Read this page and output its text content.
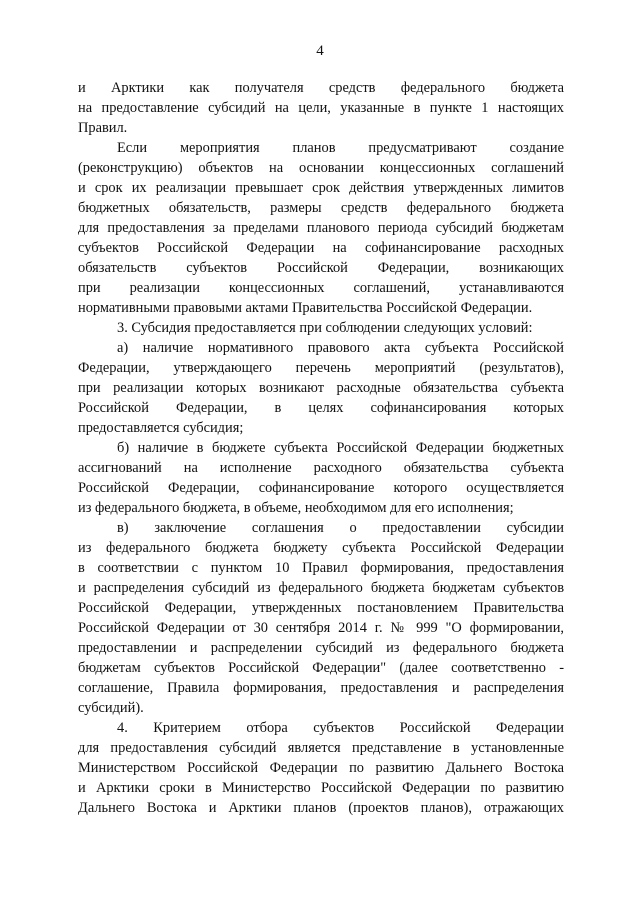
4
и Арктики как получателя средств федерального бюджета
на предоставление субсидий на цели, указанные в пункте 1 настоящих
Правил.
Если мероприятия планов предусматривают создание
(реконструкцию) объектов на основании концессионных соглашений
и срок их реализации превышает срок действия утвержденных лимитов
бюджетных обязательств, размеры средств федерального бюджета
для предоставления за пределами планового периода субсидий бюджетам
субъектов Российской Федерации на софинансирование расходных
обязательств субъектов Российской Федерации, возникающих
при реализации концессионных соглашений, устанавливаются
нормативными правовыми актами Правительства Российской Федерации.
3. Субсидия предоставляется при соблюдении следующих условий:
а) наличие нормативного правового акта субъекта Российской
Федерации, утверждающего перечень мероприятий (результатов),
при реализации которых возникают расходные обязательства субъекта
Российской Федерации, в целях софинансирования которых
предоставляется субсидия;
б) наличие в бюджете субъекта Российской Федерации бюджетных
ассигнований на исполнение расходного обязательства субъекта
Российской Федерации, софинансирование которого осуществляется
из федерального бюджета, в объеме, необходимом для его исполнения;
в) заключение соглашения о предоставлении субсидии
из федерального бюджета бюджету субъекта Российской Федерации
в соответствии с пунктом 10 Правил формирования, предоставления
и распределения субсидий из федерального бюджета бюджетам субъектов
Российской Федерации, утвержденных постановлением Правительства
Российской Федерации от 30 сентября 2014 г. № 999 "О формировании,
предоставлении и распределении субсидий из федерального бюджета
бюджетам субъектов Российской Федерации" (далее соответственно -
соглашение, Правила формирования, предоставления и распределения
субсидий).
4. Критерием отбора субъектов Российской Федерации
для предоставления субсидий является представление в установленные
Министерством Российской Федерации по развитию Дальнего Востока
и Арктики сроки в Министерство Российской Федерации по развитию
Дальнего Востока и Арктики планов (проектов планов), отражающих
